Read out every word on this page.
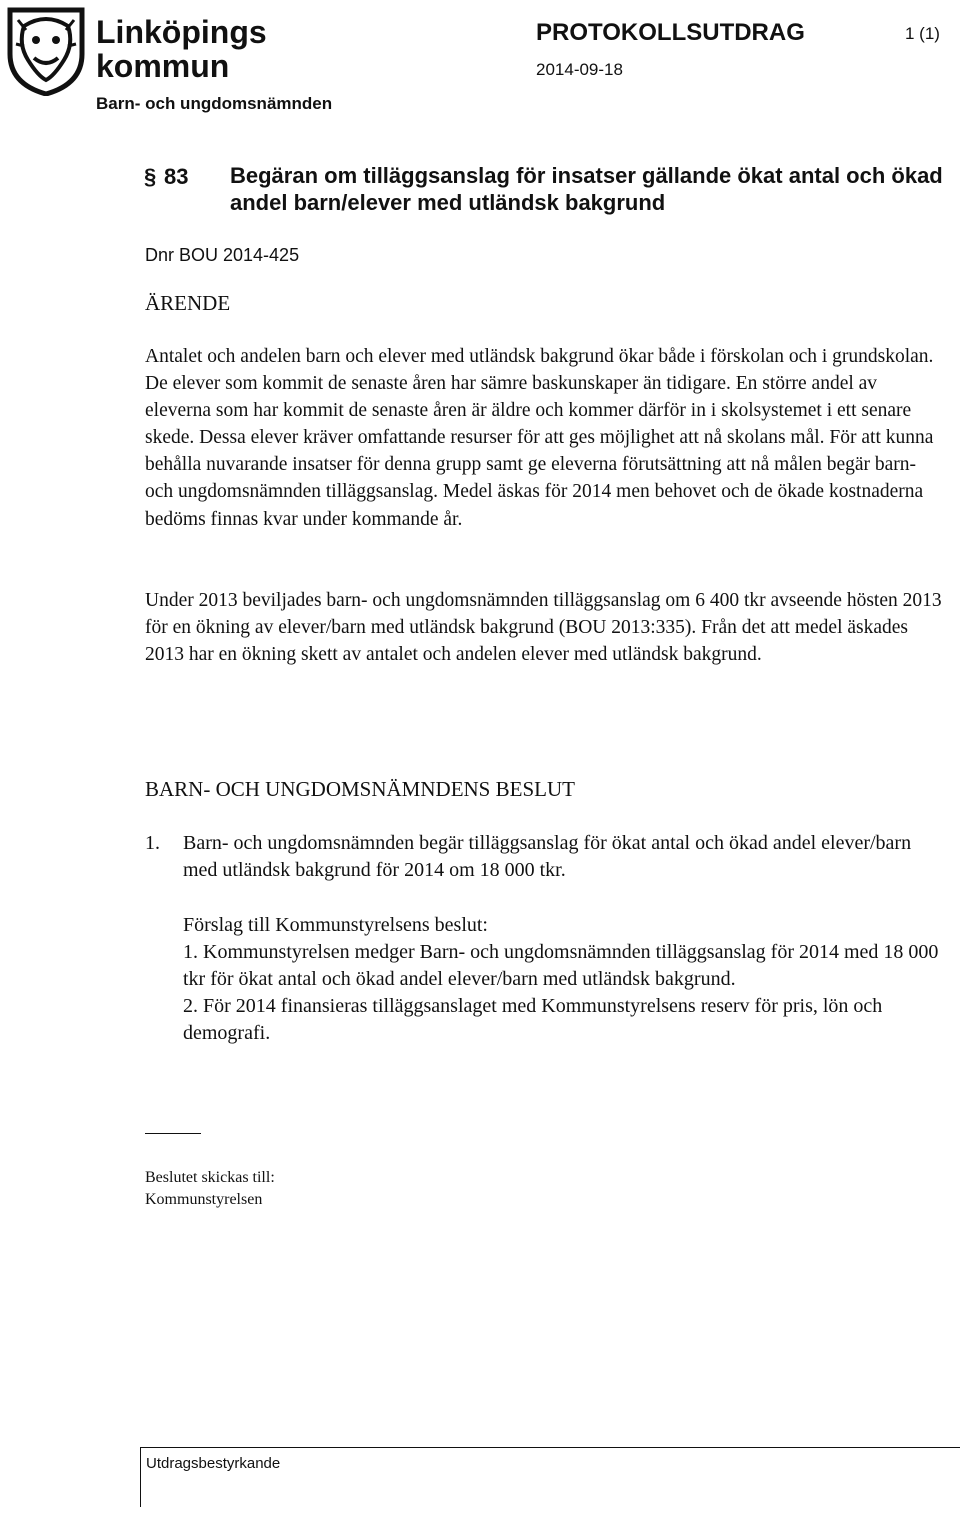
Linköpings
kommun
Barn- och ungdomsnämnden
PROTOKOLLSUTDRAG	1 (1)
2014-09-18
§ 83 Begäran om tilläggsanslag för insatser gällande ökat antal och ökad andel barn/elever med utländsk bakgrund
Dnr BOU 2014-425
ÄRENDE

Antalet och andelen barn och elever med utländsk bakgrund ökar både i förskolan och i grundskolan. De elever som kommit de senaste åren har sämre baskunskaper än tidigare. En större andel av eleverna som har kommit de senaste åren är äldre och kommer därför in i skolsystemet i ett senare skede. Dessa elever kräver omfattande resurser för att ges möjlighet att nå skolans mål. För att kunna behålla nuvarande insatser för denna grupp samt ge eleverna förutsättning att nå målen begär barn- och ungdomsnämnden tilläggsanslag. Medel äskas för 2014 men behovet och de ökade kostnaderna bedöms finnas kvar under kommande år.

Under 2013 beviljades barn- och ungdomsnämnden tilläggsanslag om 6 400 tkr avseende hösten 2013 för en ökning av elever/barn med utländsk bakgrund (BOU 2013:335). Från det att medel äskades 2013 har en ökning skett av antalet och andelen elever med utländsk bakgrund.

BARN- OCH UNGDOMSNÄMNDENS BESLUT
1. Barn- och ungdomsnämnden begär tilläggsanslag för ökat antal och ökad andel elever/barn med utländsk bakgrund för 2014 om 18 000 tkr.

Förslag till Kommunstyrelsens beslut:

1. Kommunstyrelsen medger Barn- och ungdomsnämnden tilläggsanslag för 2014 med 18 000 tkr för ökat antal och ökad andel elever/barn med utländsk bakgrund.

2. För 2014 finansieras tilläggsanslaget med Kommunstyrelsens reserv för pris, lön och demografi.

Beslutet skickas till:
Kommunstyrelsen
Utdragsbestyrkande
